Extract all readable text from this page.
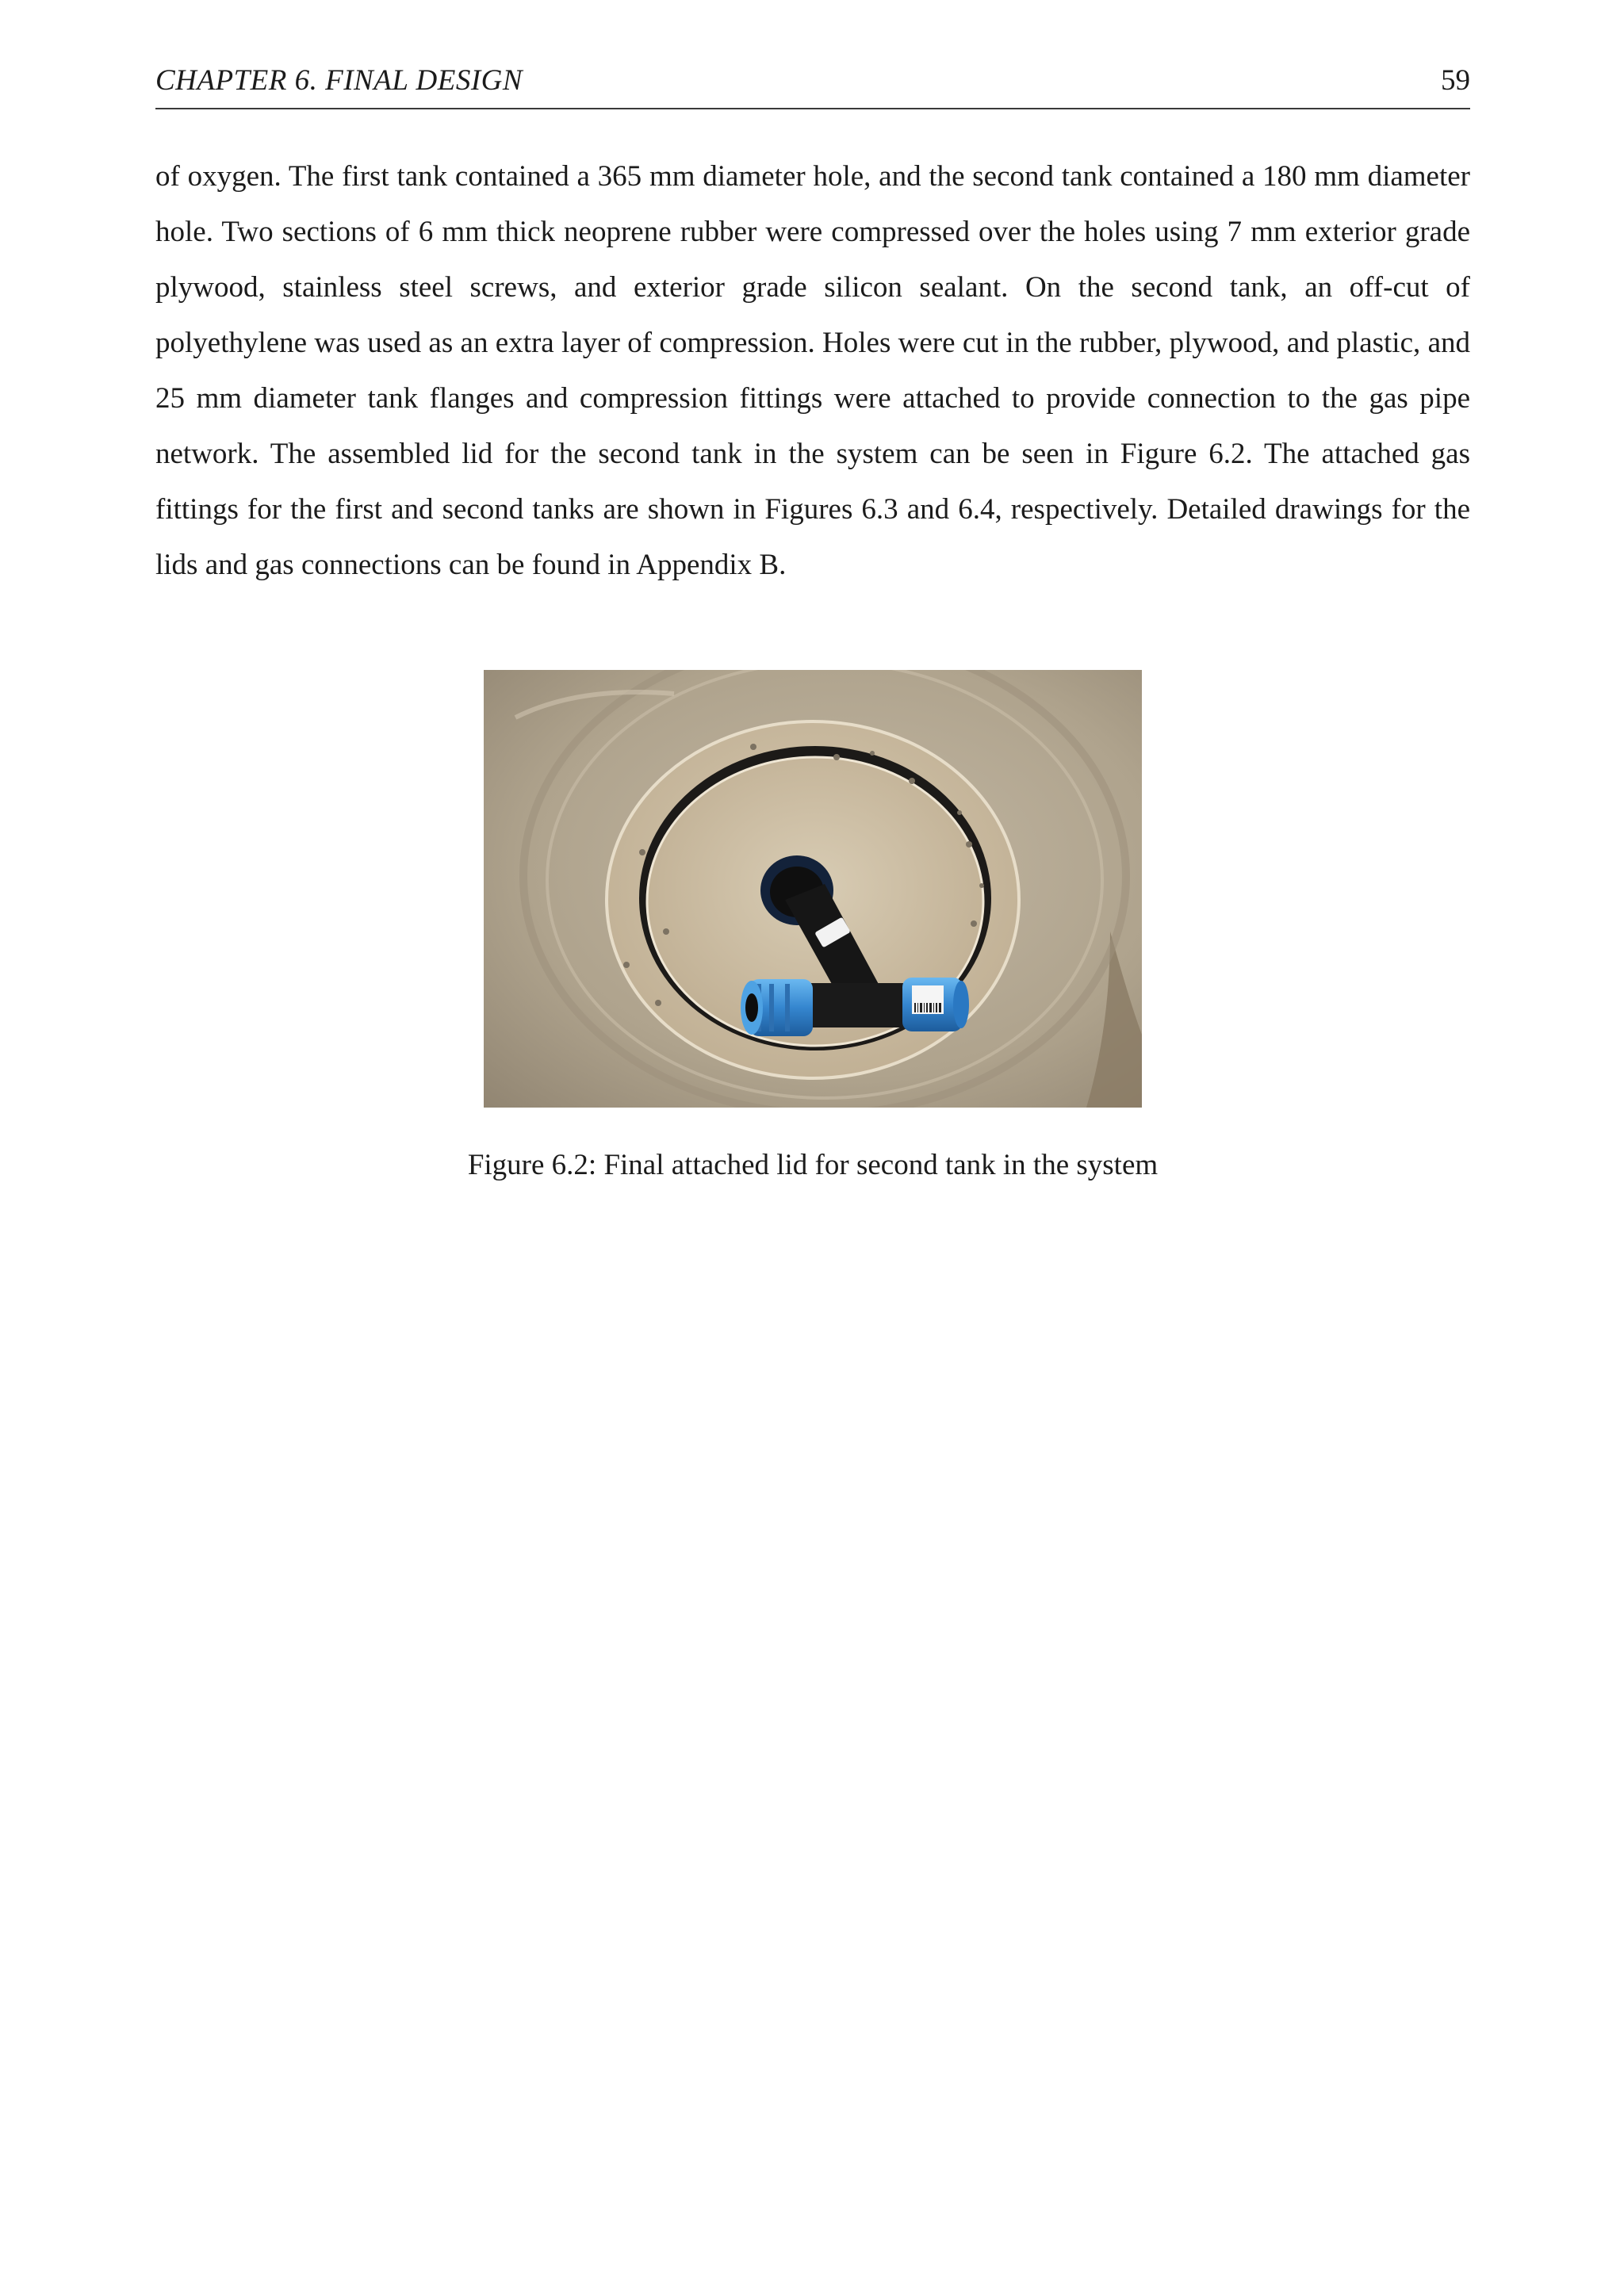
CHAPTER 6. FINAL DESIGN	59

of oxygen. The first tank contained a 365 mm diameter hole, and the second tank contained a 180 mm diameter hole. Two sections of 6 mm thick neoprene rubber were compressed over the holes using 7 mm exterior grade plywood, stainless steel screws, and exterior grade silicon sealant. On the second tank, an off-cut of polyethylene was used as an extra layer of compression. Holes were cut in the rubber, plywood, and plastic, and 25 mm diameter tank flanges and compression fittings were attached to provide connection to the gas pipe network. The assembled lid for the second tank in the system can be seen in Figure 6.2. The attached gas fittings for the first and second tanks are shown in Figures 6.3 and 6.4, respectively. Detailed drawings for the lids and gas connections can be found in Appendix B.

Figure 6.2: Final attached lid for second tank in the system
